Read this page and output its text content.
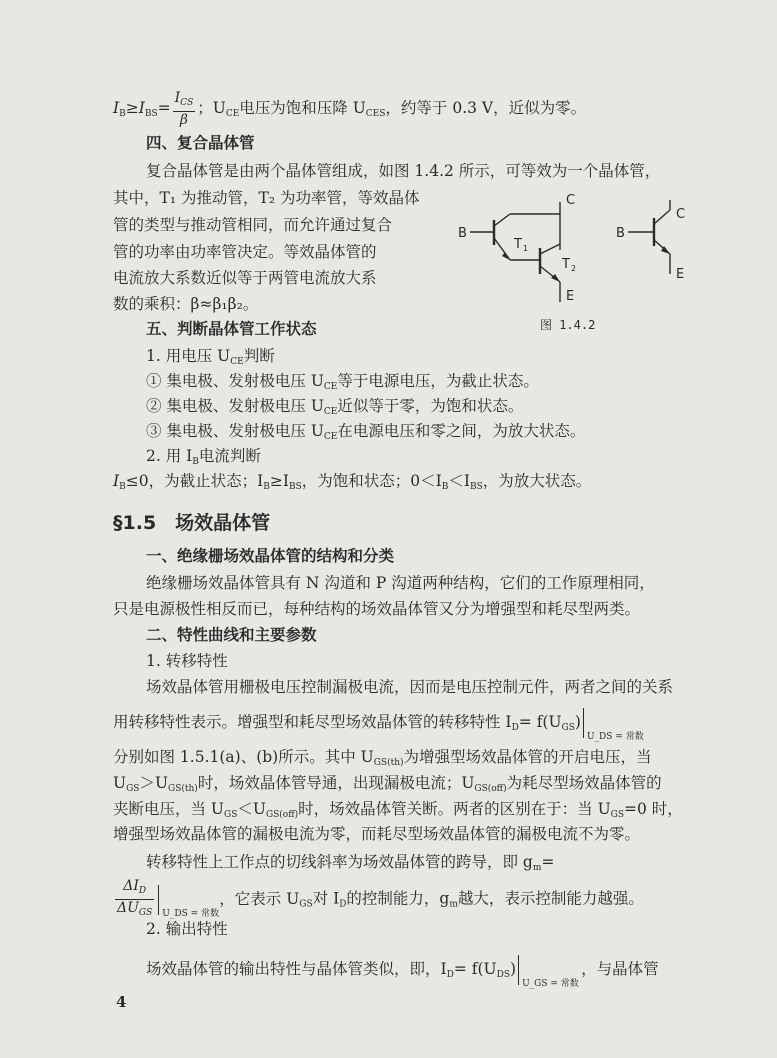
$I_B\ge I_{BS}= \frac{I_{CS}}{\beta}$ ；$U_{CE}$电压为饱和压降 $U_{CES}$，约等于 0.3 V，近似为零。
四、复合晶体管
复合晶体管是由两个晶体管组成，如图 1.4.2 所示，可等效为一个晶体管，
其中，T₁ 为推动管，T₂ 为功率管，等效晶体
管的类型与推动管相同，而允许通过复合
管的功率由功率管决定。等效晶体管的
电流放大系数近似等于两管电流放大系
数的乘积：β≈β₁β₂。
五、判断晶体管工作状态
1. 用电压 $U_{CE}$判断
① 集电极、发射极电压 $U_{CE}$等于电源电压，为截止状态。
② 集电极、发射极电压 $U_{CE}$近似等于零，为饱和状态。
③ 集电极、发射极电压 $U_{CE}$在电源电压和零之间，为放大状态。
2. 用 $I_B$电流判断
$I_B\le 0$，为截止状态；$I_B\ge I_{BS}$，为饱和状态；$0<I_B<I_{BS}$，为放大状态。
§1.5　场效晶体管
一、绝缘栅场效晶体管的结构和分类
绝缘栅场效晶体管具有 N 沟道和 P 沟道两种结构，它们的工作原理相同，
只是电源极性相反而已，每种结构的场效晶体管又分为增强型和耗尽型两类。
二、特性曲线和主要参数
1. 转移特性
场效晶体管用栅极电压控制漏极电流，因而是电压控制元件，两者之间的关系
用转移特性表示。增强型和耗尽型场效晶体管的转移特性 $I_D= f(U_{GS})$
U_DS = 常数
分别如图 1.5.1(a)、(b)所示。其中 $U_{GS(th)}$为增强型场效晶体管的开启电压，当
$U_{GS}>U_{GS(th)}$时，场效晶体管导通，出现漏极电流；$U_{GS(off)}$为耗尽型场效晶体管的
夹断电压，当 $U_{GS}<U_{GS(off)}$时，场效晶体管关断。两者的区别在于：当 $U_{GS}=0$ 时，
增强型场效晶体管的漏极电流为零，而耗尽型场效晶体管的漏极电流不为零。
转移特性上工作点的切线斜率为场效晶体管的跨导，即 $g_m=$
$\frac{\Delta I_D}{\Delta U_{GS}}$ U_DS = 常数
，它表示 $U_{GS}$对 $I_D$的控制能力，$g_m$越大，表示控制能力越强。
2. 输出特性
场效晶体管的输出特性与晶体管类似，即，$I_D= f(U_{DS})$
U_GS = 常数
，与晶体管
B
C
E
T 1
T 2
B
C
E
图 1.4.2
4
